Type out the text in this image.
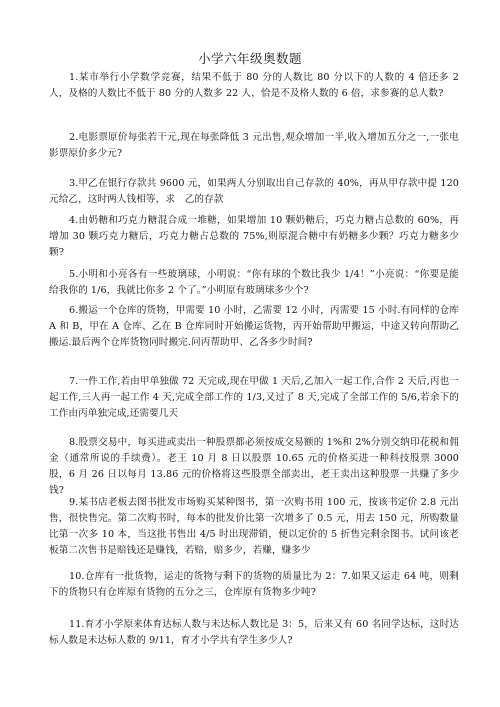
小学六年级奥数题
1.某市举行小学数学竞赛，结果不低于 80 分的人数比 80 分以下的人数的 4 倍还多 2 人，及格的人数比不低于 80 分的人数多 22 人，恰是不及格人数的 6 倍，求参赛的总人数?
2.电影票原价每张若干元,现在每张降低 3 元出售,观众增加一半,收入增加五分之一,一张电影票原价多少元?
3.甲乙在银行存款共 9600 元，如果两人分别取出自己存款的 40%，再从甲存款中提 120 元给乙，这时两人钱相等，求　乙的存款
4.由奶糖和巧克力糖混合成一堆糖，如果增加 10 颗奶糖后，巧克力糖占总数的 60%，再增加 30 颗巧克力糖后，巧克力糖占总数的 75%,则原混合糖中有奶糖多少颗？巧克力糖多少颗?
5.小明和小亮各有一些玻璃球，小明说：“你有球的个数比我少 1/4！”小亮说：“你要是能给我你的 1/6，我就比你多 2 个了。”小明原有玻璃球多少个?
6.搬运一个仓库的货物，甲需要 10 小时，乙需要 12 小时，丙需要 15 小时.有同样的仓库 A 和 B，甲在 A 仓库、乙在 B 仓库同时开始搬运货物，丙开始帮助甲搬运，中途又转向帮助乙搬运.最后两个仓库货物同时搬完.问丙帮助甲、乙各多少时间?
7.一件工作,若由甲单独做 72 天完成,现在甲做 1 天后,乙加入一起工作,合作 2 天后,丙也一起工作,三人再一起工作 4 天,完成全部工作的 1/3,又过了 8 天,完成了全部工作的 5/6,若余下的工作由丙单独完成,还需要几天
8.股票交易中，每买进或卖出一种股票都必须按成交易额的 1%和 2%分别交纳印花税和佣金（通常所说的手续费）。老王 10 月 8 日以股票 10.65 元的价格买进一种科技股票 3000 股，6 月 26 日以每月 13.86 元的价格将这些股票全部卖出，老王卖出这种股票一共赚了多少钱?
9.某书店老板去图书批发市场购买某种图书，第一次购书用 100 元，按该书定价 2.8 元出售，很快售完。第二次购书时，每本的批发价比第一次增多了 0.5 元，用去 150 元，所购数量比第一次多 10 本，当这批书售出 4/5 时出现滞销，便以定价的 5 折售完剩余图书。试问该老板第二次售书是赔钱还是赚钱，若赔，赔多少，若赚，赚多少
10.仓库有一批货物，运走的货物与剩下的货物的质量比为 2：7.如果又运走 64 吨，则剩下的货物只有仓库原有货物的五分之三，仓库原有货物多少吨?
11.育才小学原来体育达标人数与未达标人数比是 3：5，后来又有 60 名同学达标，这时达标人数是未达标人数的 9/11，育才小学共有学生多少人?
